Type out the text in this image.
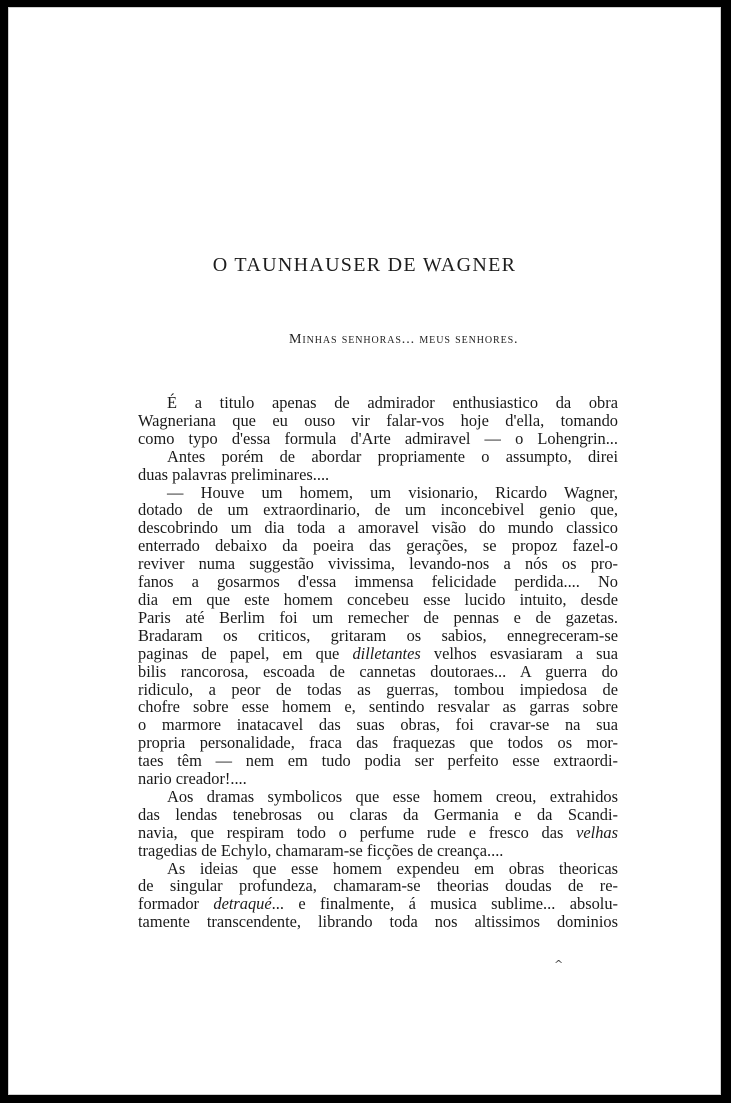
O TAUNHAUSER DE WAGNER
Minhas senhoras... meus senhores.
É a titulo apenas de admirador enthusiastico da obra
Wagneriana que eu ouso vir falar-vos hoje d'ella, tomando
como typo d'essa formula d'Arte admiravel — o Lohengrin...
Antes porém de abordar propriamente o assumpto, direi
duas palavras preliminares....
— Houve um homem, um visionario, Ricardo Wagner,
dotado de um extraordinario, de um inconcebivel genio que,
descobrindo um dia toda a amoravel visão do mundo classico
enterrado debaixo da poeira das gerações, se propoz fazel-o
reviver numa suggestão vivissima, levando-nos a nós os pro-
fanos a gosarmos d'essa immensa felicidade perdida.... No
dia em que este homem concebeu esse lucido intuito, desde
Paris até Berlim foi um remecher de pennas e de gazetas.
Bradaram os criticos, gritaram os sabios, ennegreceram-se
paginas de papel, em que dilletantes velhos esvasiaram a sua
bilis rancorosa, escoada de cannetas doutoraes... A guerra do
ridiculo, a peor de todas as guerras, tombou impiedosa de
chofre sobre esse homem e, sentindo resvalar as garras sobre
o marmore inatacavel das suas obras, foi cravar-se na sua
propria personalidade, fraca das fraquezas que todos os mor-
taes têm — nem em tudo podia ser perfeito esse extraordi-
nario creador!....
Aos dramas symbolicos que esse homem creou, extrahidos
das lendas tenebrosas ou claras da Germania e da Scandi-
navia, que respiram todo o perfume rude e fresco das velhas
tragedias de Echylo, chamaram-se ficções de creança....
As ideias que esse homem expendeu em obras theoricas
de singular profundeza, chamaram-se theorias doudas de re-
formador detraqué... e finalmente, á musica sublime... absolu-
tamente transcendente, librando toda nos altissimos dominios
^
